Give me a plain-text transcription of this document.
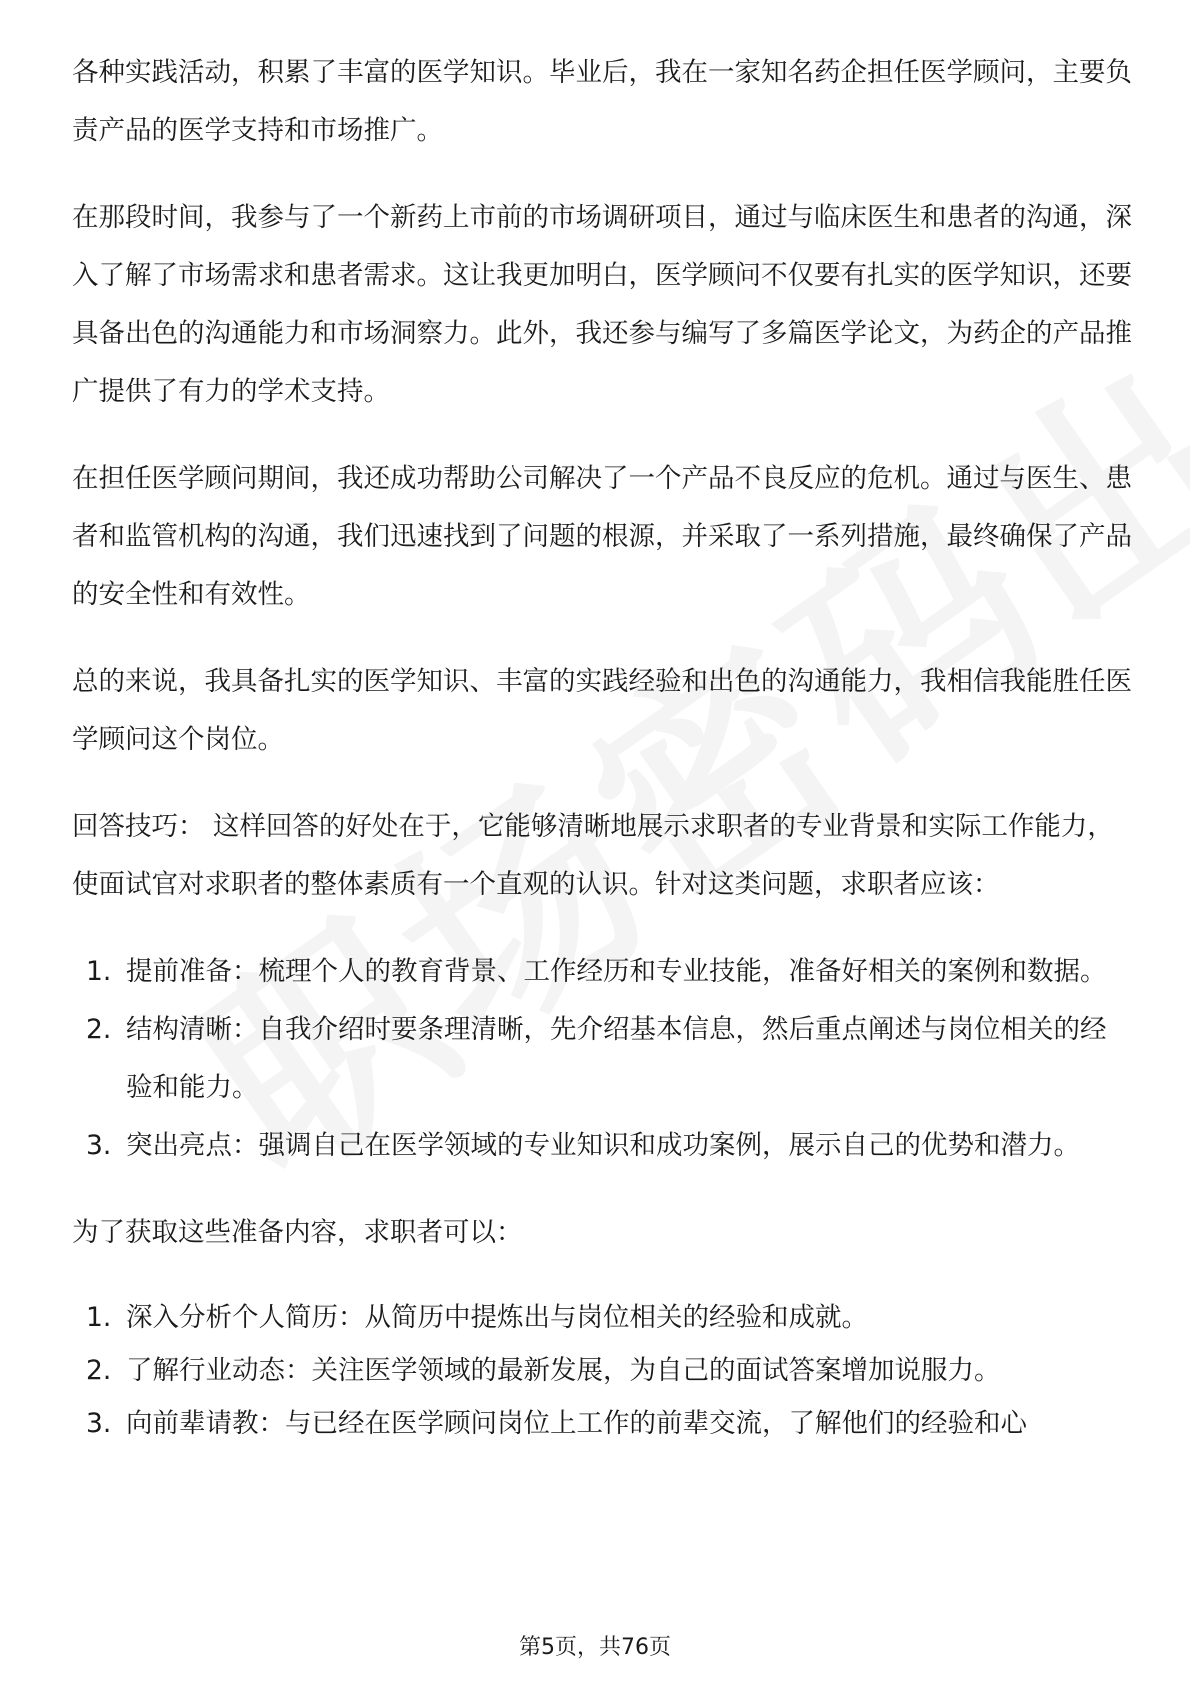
各种实践活动，积累了丰富的医学知识。毕业后，我在一家知名药企担任医学顾问，主要负责产品的医学支持和市场推广。

在那段时间，我参与了一个新药上市前的市场调研项目，通过与临床医生和患者的沟通，深入了解了市场需求和患者需求。这让我更加明白，医学顾问不仅要有扎实的医学知识，还要具备出色的沟通能力和市场洞察力。此外，我还参与编写了多篇医学论文，为药企的产品推广提供了有力的学术支持。

在担任医学顾问期间，我还成功帮助公司解决了一个产品不良反应的危机。通过与医生、患者和监管机构的沟通，我们迅速找到了问题的根源，并采取了一系列措施，最终确保了产品的安全性和有效性。

总的来说，我具备扎实的医学知识、丰富的实践经验和出色的沟通能力，我相信我能胜任医学顾问这个岗位。

回答技巧： 这样回答的好处在于，它能够清晰地展示求职者的专业背景和实际工作能力，使面试官对求职者的整体素质有一个直观的认识。针对这类问题，求职者应该：

1. 提前准备：梳理个人的教育背景、工作经历和专业技能，准备好相关的案例和数据。
2. 结构清晰：自我介绍时要条理清晰，先介绍基本信息，然后重点阐述与岗位相关的经验和能力。
3. 突出亮点：强调自己在医学领域的专业知识和成功案例，展示自己的优势和潜力。

为了获取这些准备内容，求职者可以：

1. 深入分析个人简历：从简历中提炼出与岗位相关的经验和成就。
2. 了解行业动态：关注医学领域的最新发展，为自己的面试答案增加说服力。
3. 向前辈请教：与已经在医学顾问岗位上工作的前辈交流，了解他们的经验和心
第5页，共76页
